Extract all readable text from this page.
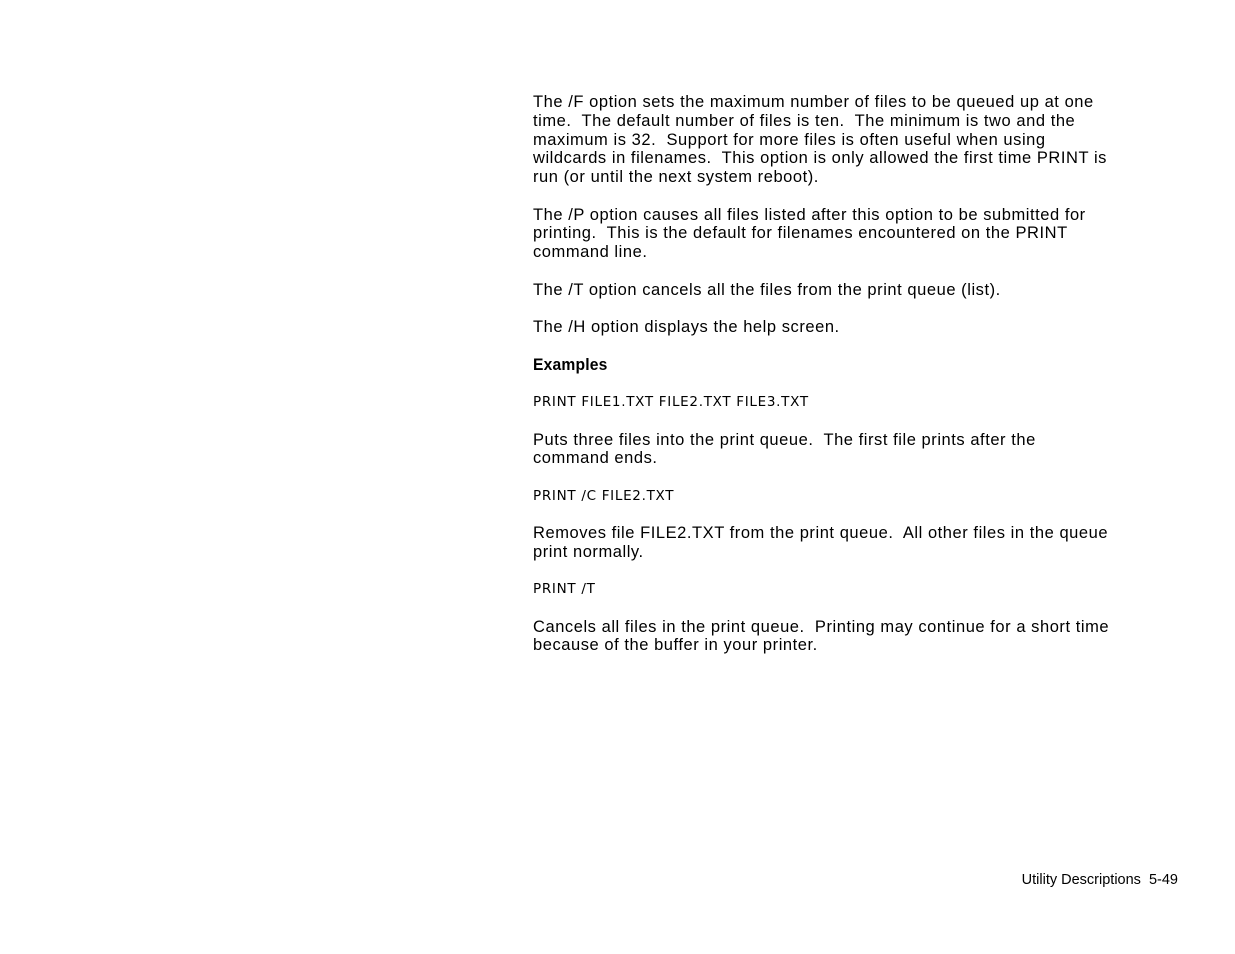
The /F option sets the maximum number of files to be queued up at one
time.  The default number of files is ten.  The minimum is two and the
maximum is 32.  Support for more files is often useful when using
wildcards in filenames.  This option is only allowed the first time PRINT is
run (or until the next system reboot).

The /P option causes all files listed after this option to be submitted for
printing.  This is the default for filenames encountered on the PRINT
command line.

The /T option cancels all the files from the print queue (list).

The /H option displays the help screen.

Examples
PRINT FILE1.TXT FILE2.TXT FILE3.TXT

Puts three files into the print queue.  The first file prints after the
command ends.

PRINT /C FILE2.TXT

Removes file FILE2.TXT from the print queue.  All other files in the queue
print normally.

PRINT /T

Cancels all files in the print queue.  Printing may continue for a short time
because of the buffer in your printer.

Utility Descriptions  5-49
